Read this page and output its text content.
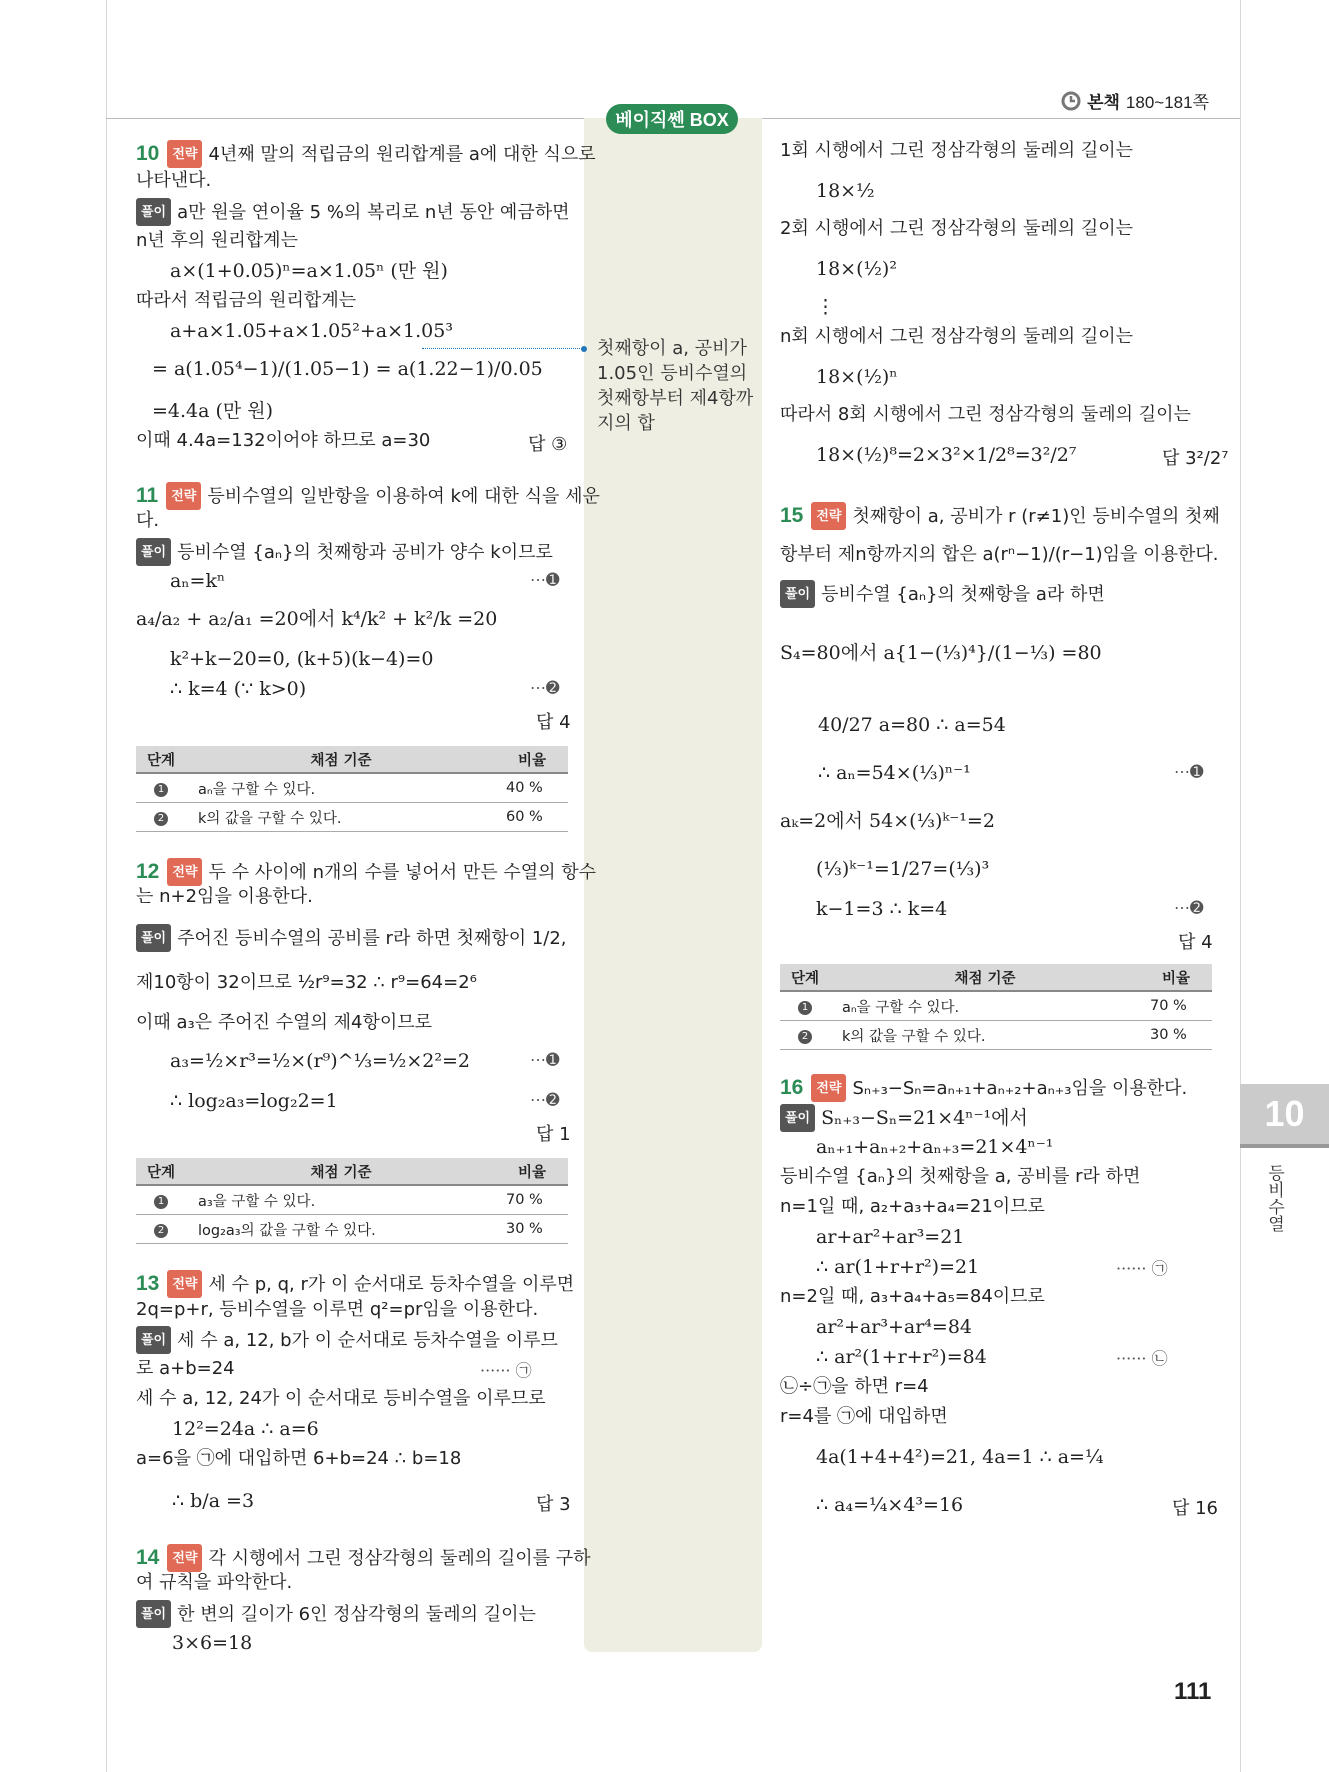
본책 180~181쪽
베이직쎈 BOX
첫째항이 a, 공비가 1.05인 등비수열의 첫째항부터 제4항까지의 합
10 전략 4년째 말의 적립금의 원리합계를 a에 대한 식으로
나타낸다.
풀이 a만 원을 연이율 5 %의 복리로 n년 동안 예금하면
n년 후의 원리합계는
a×(1+0.05)ⁿ=a×1.05ⁿ (만 원)
따라서 적립금의 원리합계는
a+a×1.05+a×1.05²+a×1.05³
= a(1.05⁴−1)/(1.05−1) = a(1.22−1)/0.05
=4.4a (만 원)
이때 4.4a=132이어야 하므로 a=30	답 ③
11 전략 등비수열의 일반항을 이용하여 k에 대한 식을 세운
다.
풀이 등비수열 {aₙ}의 첫째항과 공비가 양수 k이므로
aₙ=kⁿ	⋯➊
a₄/a₂ + a₂/a₁ =20에서 k⁴/k² + k²/k =20
k²+k−20=0, (k+5)(k−4)=0
∴ k=4 (∵ k>0)	⋯➋
답 4
단계	채점 기준	비율
1	aₙ을 구할 수 있다.	40 %
2	k의 값을 구할 수 있다.	60 %
12 전략 두 수 사이에 n개의 수를 넣어서 만든 수열의 항수
는 n+2임을 이용한다.
풀이 주어진 등비수열의 공비를 r라 하면 첫째항이 1/2,
제10항이 32이므로 ½r⁹=32 ∴ r⁹=64=2⁶
이때 a₃은 주어진 수열의 제4항이므로
a₃=½×r³=½×(r⁹)^⅓=½×2²=2	⋯➊
∴ log₂a₃=log₂2=1	⋯➋
답 1
단계	채점 기준	비율
1	a₃을 구할 수 있다.	70 %
2	log₂a₃의 값을 구할 수 있다.	30 %
13 전략 세 수 p, q, r가 이 순서대로 등차수열을 이루면
2q=p+r, 등비수열을 이루면 q²=pr임을 이용한다.
풀이 세 수 a, 12, b가 이 순서대로 등차수열을 이루므
로 a+b=24	······ ㉠
세 수 a, 12, 24가 이 순서대로 등비수열을 이루므로
12²=24a ∴ a=6
a=6을 ㉠에 대입하면 6+b=24 ∴ b=18
∴ b/a =3	답 3
14 전략 각 시행에서 그린 정삼각형의 둘레의 길이를 구하
여 규칙을 파악한다.
풀이 한 변의 길이가 6인 정삼각형의 둘레의 길이는
3×6=18
1회 시행에서 그린 정삼각형의 둘레의 길이는
18×½
2회 시행에서 그린 정삼각형의 둘레의 길이는
18×(½)²
⋮
n회 시행에서 그린 정삼각형의 둘레의 길이는
18×(½)ⁿ
따라서 8회 시행에서 그린 정삼각형의 둘레의 길이는
18×(½)⁸=2×3²×1/2⁸=3²/2⁷	답 3²/2⁷
15 전략 첫째항이 a, 공비가 r (r≠1)인 등비수열의 첫째
항부터 제n항까지의 합은 a(rⁿ−1)/(r−1)임을 이용한다.
풀이 등비수열 {aₙ}의 첫째항을 a라 하면
S₄=80에서 a{1−(⅓)⁴}/(1−⅓) =80
40/27 a=80 ∴ a=54
∴ aₙ=54×(⅓)ⁿ⁻¹	⋯➊
aₖ=2에서 54×(⅓)ᵏ⁻¹=2
(⅓)ᵏ⁻¹=1/27=(⅓)³
k−1=3 ∴ k=4	⋯➋
답 4
단계	채점 기준	비율
1	aₙ을 구할 수 있다.	70 %
2	k의 값을 구할 수 있다.	30 %
16 전략 Sₙ₊₃−Sₙ=aₙ₊₁+aₙ₊₂+aₙ₊₃임을 이용한다.
풀이 Sₙ₊₃−Sₙ=21×4ⁿ⁻¹에서
aₙ₊₁+aₙ₊₂+aₙ₊₃=21×4ⁿ⁻¹
등비수열 {aₙ}의 첫째항을 a, 공비를 r라 하면
n=1일 때, a₂+a₃+a₄=21이므로
ar+ar²+ar³=21
∴ ar(1+r+r²)=21	······ ㉠
n=2일 때, a₃+a₄+a₅=84이므로
ar²+ar³+ar⁴=84
∴ ar²(1+r+r²)=84	······ ㉡
㉡÷㉠을 하면 r=4
r=4를 ㉠에 대입하면
4a(1+4+4²)=21, 4a=1 ∴ a=¼
∴ a₄=¼×4³=16	답 16
10
등비수열
111
